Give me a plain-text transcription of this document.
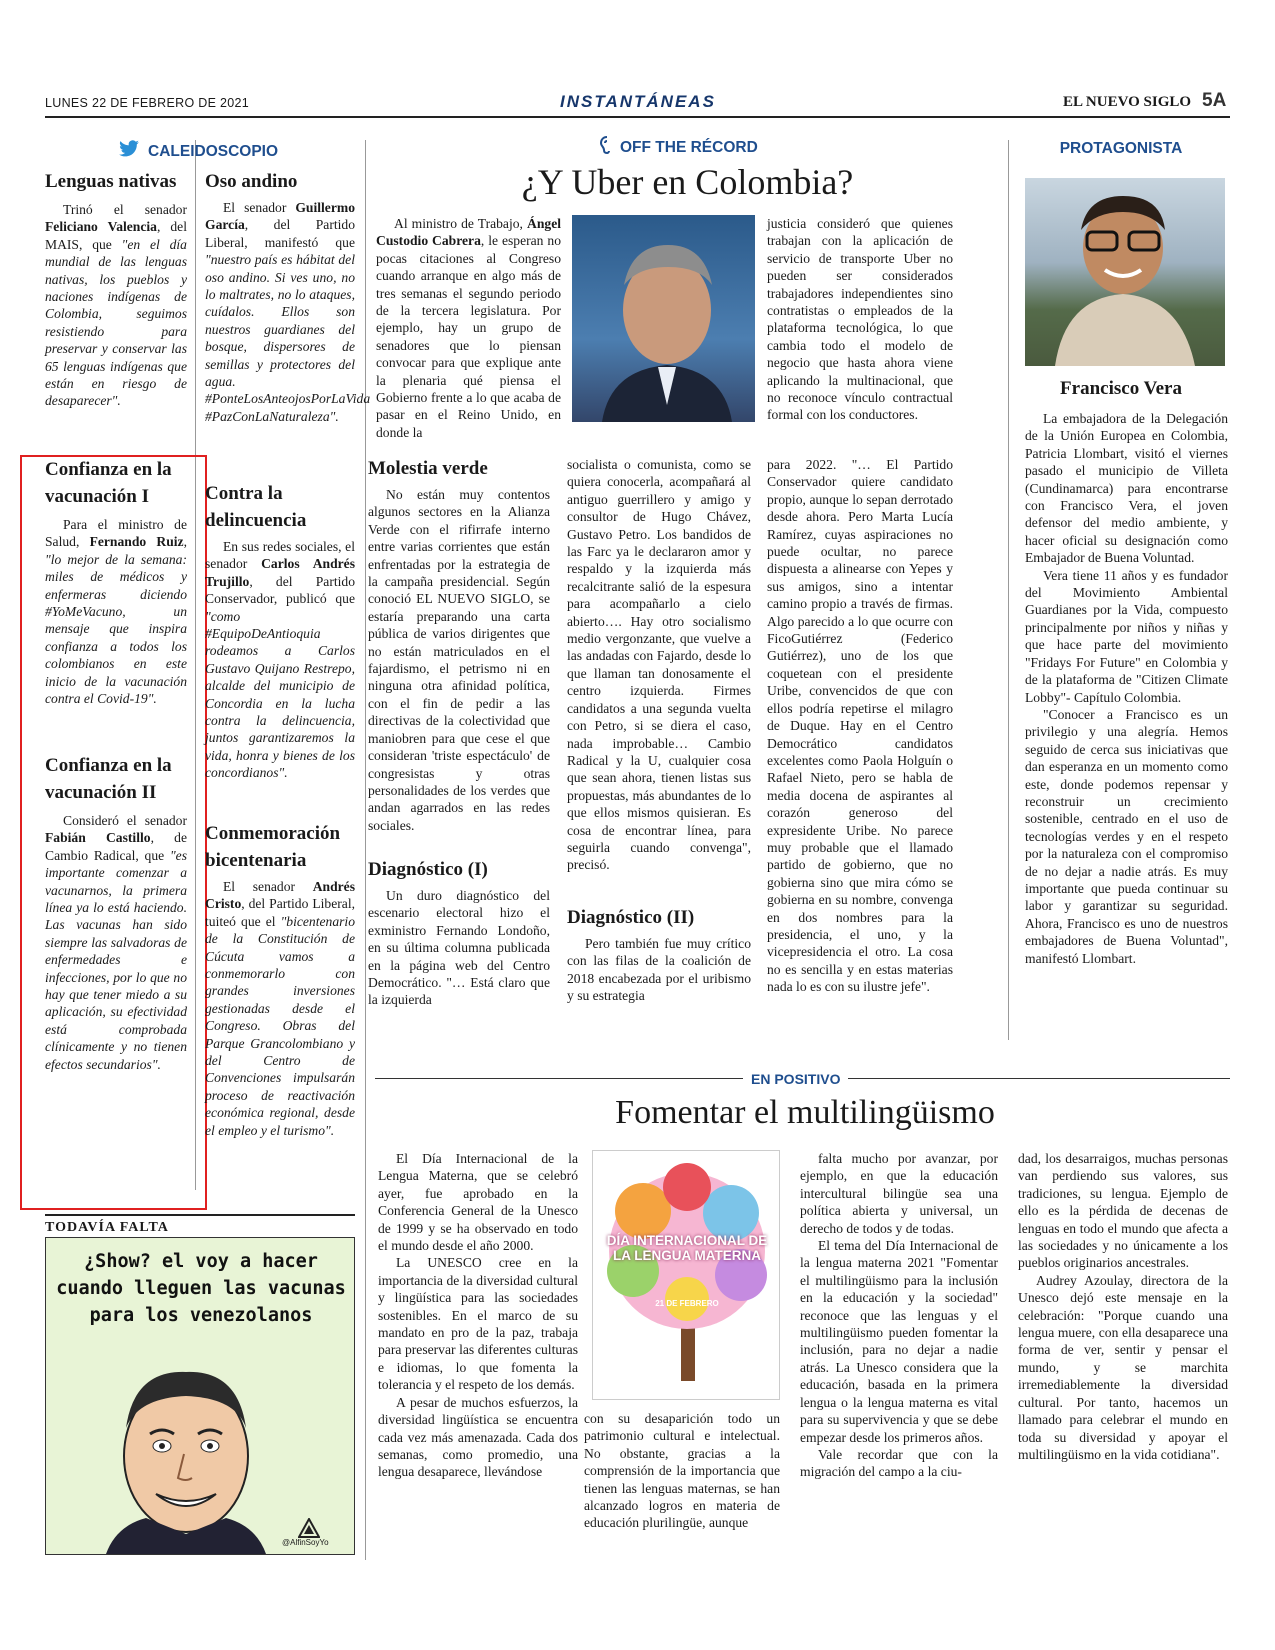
LUNES 22 DE FEBRERO DE 2021	INSTANTÁNEAS	EL NUEVO SIGLO 5A
CALEIDOSCOPIO
Lenguas nativas

Trinó el senador Feliciano Valencia, del MAIS, que "en el día mundial de las lenguas nativas, los pueblos y naciones indígenas de Colombia, seguimos resistiendo para preservar y conservar las 65 lenguas indígenas que están en riesgo de desaparecer".

Confianza en la vacunación I

Para el ministro de Salud, Fernando Ruiz, "lo mejor de la semana: miles de médicos y enfermeras diciendo #YoMeVacuno, un mensaje que inspira confianza a todos los colombianos en este inicio de la vacunación contra el Covid-19".

Confianza en la vacunación II

Consideró el senador Fabián Castillo, de Cambio Radical, que "es importante comenzar a vacunarnos, la primera línea ya lo está haciendo. Las vacunas han sido siempre las salvadoras de enfermedades e infecciones, por lo que no hay que tener miedo a su aplicación, su efectividad está comprobada clínicamente y no tienen efectos secundarios".

Oso andino

El senador Guillermo García, del Partido Liberal, manifestó que "nuestro país es hábitat del oso andino. Si ves uno, no lo maltrates, no lo ataques, cuídalos. Ellos son nuestros guardianes del bosque, dispersores de semillas y protectores del agua. #PonteLosAnteojosPorLaVida #PazConLaNaturaleza".

Contra la delincuencia

En sus redes sociales, el senador Carlos Andrés Trujillo, del Partido Conservador, publicó que "como #EquipoDeAntioquia rodeamos a Carlos Gustavo Quijano Restrepo, alcalde del municipio de Concordia en la lucha contra la delincuencia, juntos garantizaremos la vida, honra y bienes de los concordianos".

Conmemoración bicentenaria

El senador Andrés Cristo, del Partido Liberal, tuiteó que el "bicentenario de la Constitución de Cúcuta vamos a conmemorarlo con grandes inversiones gestionadas desde el Congreso. Obras del Parque Grancolombiano y del Centro de Convenciones impulsarán proceso de reactivación económica regional, desde el empleo y el turismo".

TODAVÍA FALTA
¿Show? el voy a hacer cuando lleguen las vacunas para los venezolanos
@AlfinSoyYo
OFF THE RÉCORD
¿Y Uber en Colombia?

Al ministro de Trabajo, Ángel Custodio Cabrera, le esperan no pocas citaciones al Congreso cuando arranque en algo más de tres semanas el segundo periodo de la tercera legislatura. Por ejemplo, hay un grupo de senadores que lo piensan convocar para que explique ante la plenaria qué piensa el Gobierno frente a lo que acaba de pasar en el Reino Unido, en donde la

justicia consideró que quienes trabajan con la aplicación de servicio de transporte Uber no pueden ser considerados trabajadores independientes sino contratistas o empleados de la plataforma tecnológica, lo que cambia todo el modelo de negocio que hasta ahora viene aplicando la multinacional, que no reconoce vínculo contractual formal con los conductores.
Molestia verde

No están muy contentos algunos sectores en la Alianza Verde con el rifirrafe interno entre varias corrientes que están enfrentadas por la estrategia de la campaña presidencial. Según conoció EL NUEVO SIGLO, se estaría preparando una carta pública de varios dirigentes que no están matriculados en el fajardismo, el petrismo ni en ninguna otra afinidad política, con el fin de pedir a las directivas de la colectividad que maniobren para que cese el que consideran 'triste espectáculo' de congresistas y otras personalidades de los verdes que andan agarrados en las redes sociales.

Diagnóstico (I)

Un duro diagnóstico del escenario electoral hizo el exministro Fernando Londoño, en su última columna publicada en la página web del Centro Democrático. "… Está claro que la izquierda

socialista o comunista, como se quiera conocerla, acompañará al antiguo guerrillero y amigo y consultor de Hugo Chávez, Gustavo Petro. Los bandidos de las Farc ya le declararon amor y respaldo y la izquierda más recalcitrante salió de la espesura para acompañarlo a cielo abierto…. Hay otro socialismo medio vergonzante, que vuelve a las andadas con Fajardo, desde lo que llaman tan donosamente el centro izquierda. Firmes candidatos a una segunda vuelta con Petro, si se diera el caso, nada improbable… Cambio Radical y la U, cualquier cosa que sean ahora, tienen listas sus propuestas, más abundantes de lo que ellos mismos quisieran. Es cosa de encontrar línea, para seguirla cuando convenga", precisó.
Diagnóstico (II)

Pero también fue muy crítico con las filas de la coalición de 2018 encabezada por el uribismo y su estrategia

para 2022. "… El Partido Conservador quiere candidato propio, aunque lo sepan derrotado desde ahora. Pero Marta Lucía Ramírez, cuyas aspiraciones no puede ocultar, no parece dispuesta a alinearse con Yepes y sus amigos, sino a intentar camino propio a través de firmas. Algo parecido a lo que ocurre con FicoGutiérrez (Federico Gutiérrez), uno de los que coquetean con el presidente Uribe, convencidos de que con ellos podría repetirse el milagro de Duque. Hay en el Centro Democrático candidatos excelentes como Paola Holguín o Rafael Nieto, pero se habla de media docena de aspirantes al corazón generoso del expresidente Uribe. No parece muy probable que el llamado partido de gobierno, que no gobierna sino que mira cómo se gobierna en su nombre, convenga en dos nombres para la presidencia, el uno, y la vicepresidencia el otro. La cosa no es sencilla y en estas materias nada lo es con su ilustre jefe".
PROTAGONISTA
Francisco Vera

La embajadora de la Delegación de la Unión Europea en Colombia, Patricia Llombart, visitó el viernes pasado el municipio de Villeta (Cundinamarca) para encontrarse con Francisco Vera, el joven defensor del medio ambiente, y hacer oficial su designación como Embajador de Buena Voluntad.

Vera tiene 11 años y es fundador del Movimiento Ambiental Guardianes por la Vida, compuesto principalmente por niños y niñas y que hace parte del movimiento "Fridays For Future" en Colombia y de la plataforma de "Citizen Climate Lobby"- Capítulo Colombia.

"Conocer a Francisco es un privilegio y una alegría. Hemos seguido de cerca sus iniciativas que dan esperanza en un momento como este, donde podemos repensar y reconstruir un crecimiento sostenible, centrado en el uso de tecnologías verdes y en el respeto por la naturaleza con el compromiso de no dejar a nadie atrás. Es muy importante que pueda continuar su labor y garantizar su seguridad. Ahora, Francisco es uno de nuestros embajadores de Buena Voluntad", manifestó Llombart.

EN POSITIVO
Fomentar el multilingüismo

El Día Internacional de la Lengua Materna, que se celebró ayer, fue aprobado en la Conferencia General de la Unesco de 1999 y se ha observado en todo el mundo desde el año 2000.

La UNESCO cree en la importancia de la diversidad cultural y lingüística para las sociedades sostenibles. En el marco de su mandato en pro de la paz, trabaja para preservar las diferentes culturas e idiomas, lo que fomenta la tolerancia y el respeto de los demás.

A pesar de muchos esfuerzos, la diversidad lingüística se encuentra cada vez más amenazada. Cada dos semanas, como promedio, una lengua desaparece, llevándose

DÍA INTERNACIONAL DE LA LENGUA MATERNA
21 DE FEBRERO
con su desaparición todo un patrimonio cultural e intelectual. No obstante, gracias a la comprensión de la importancia que tienen las lenguas maternas, se han alcanzado logros en materia de educación plurilingüe, aunque

falta mucho por avanzar, por ejemplo, en que la educación intercultural bilingüe sea una política abierta y universal, un derecho de todos y de todas.

El tema del Día Internacional de la lengua materna 2021 "Fomentar el multilingüismo para la inclusión en la educación y la sociedad" reconoce que las lenguas y el multilingüismo pueden fomentar la inclusión, para no dejar a nadie atrás. La Unesco considera que la educación, basada en la primera lengua o la lengua materna es vital para su supervivencia y que se debe empezar desde los primeros años.

Vale recordar que con la migración del campo a la ciu-

dad, los desarraigos, muchas personas van perdiendo sus valores, sus tradiciones, su lengua. Ejemplo de ello es la pérdida de decenas de lenguas en todo el mundo que afecta a las sociedades y no únicamente a los pueblos originarios ancestrales.

Audrey Azoulay, directora de la Unesco dejó este mensaje en la celebración: "Porque cuando una lengua muere, con ella desaparece una forma de ver, sentir y pensar el mundo, y se marchita irremediablemente la diversidad cultural. Por tanto, hacemos un llamado para celebrar el mundo en toda su diversidad y apoyar el multilingüismo en la vida cotidiana".
